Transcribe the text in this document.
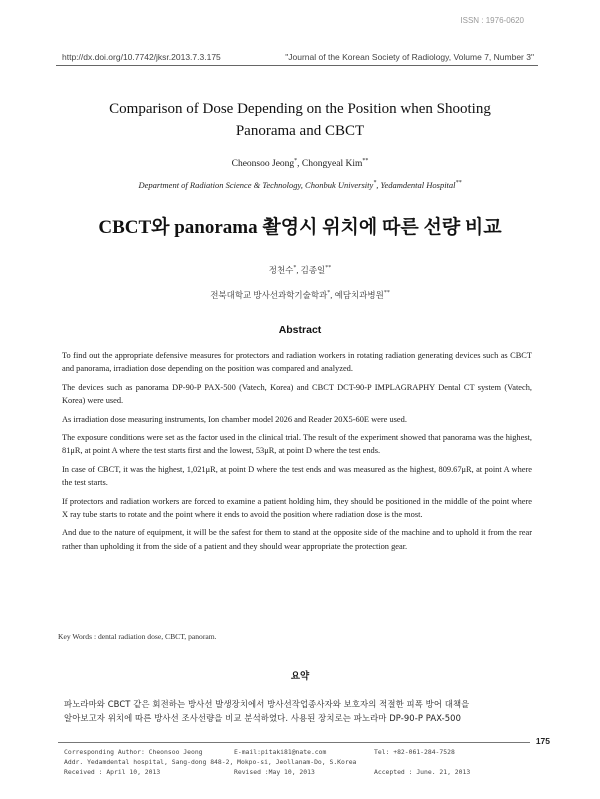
ISSN : 1976-0620
http://dx.doi.org/10.7742/jksr.2013.7.3.175	"Journal of the Korean Society of Radiology, Volume 7, Number 3"
Comparison of Dose Depending on the Position when Shooting
Panorama and CBCT
Cheonsoo Jeong*, Chongyeal Kim**
Department of Radiation Science & Technology, Chonbuk University*, Yedamdental Hospital**
CBCT와 panorama 촬영시 위치에 따른 선량 비교
정천수*, 김종일**
전북대학교 방사선과학기술학과*, 예담치과병원**
Abstract

To find out the appropriate defensive measures for protectors and radiation workers in rotating radiation generating devices such as CBCT and panorama, irradiation dose depending on the position was compared and analyzed.

The devices such as panorama DP-90-P PAX-500 (Vatech, Korea) and CBCT DCT-90-P IMPLAGRAPHY Dental CT system (Vatech, Korea) were used.

As irradiation dose measuring instruments, Ion chamber model 2026 and Reader 20X5-60E were used.

The exposure conditions were set as the factor used in the clinical trial. The result of the experiment showed that panorama was the highest, 81μR, at point A where the test starts first and the lowest, 53μR, at point D where the test ends.

In case of CBCT, it was the highest, 1,021μR, at point D where the test ends and was measured as the highest, 809.67μR, at point A where the test starts.

If protectors and radiation workers are forced to examine a patient holding him, they should be positioned in the middle of the point where X ray tube starts to rotate and the point where it ends to avoid the position where radiation dose is the most.

And due to the nature of equipment, it will be the safest for them to stand at the opposite side of the machine and to uphold it from the rear rather than upholding it from the side of a patient and they should wear appropriate the protection gear.

Key Words : dental radiation dose, CBCT, panoram.
요약
파노라마와 CBCT 같은 회전하는 방사선 발생장치에서 방사선작업종사자와 보호자의 적절한 피폭 방어 대책을
알아보고자 위치에 따른 방사선 조사선량을 비교 분석하였다. 사용된 장치로는 파노라마 DP-90-P PAX-500
175
Corresponding Author: Cheonsoo Jeong	E-mail:pitaki81@nate.com	Tel: +82-061-284-7528
Addr. Yedamdental hospital, Sang-dong 848-2, Mokpo-si, Jeollanam-Do, S.Korea
Received : April 10, 2013	Revised :May 10, 2013	Accepted : June. 21, 2013
